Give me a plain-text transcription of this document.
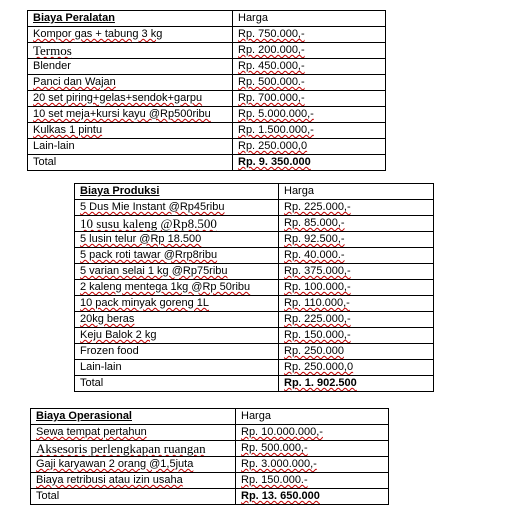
Biaya Peralatan	Harga
Kompor gas + tabung 3 kg	Rp. 750.000,-
Termos	Rp. 200.000,-
Blender	Rp. 450.000,-
Panci dan Wajan	Rp. 500.000.-
20 set piring+gelas+sendok+garpu	Rp. 700.000,-
10 set meja+kursi kayu @Rp500ribu	Rp. 5.000.000,-
Kulkas 1 pintu	Rp. 1.500.000,-
Lain-lain	Rp. 250.000,0
Total	Rp. 9. 350.000
Biaya Produksi	Harga
5 Dus Mie Instant @Rp45ribu	Rp. 225.000,-
10 susu kaleng @Rp8.500	Rp. 85.000,-
5 lusin telur @Rp 18.500	Rp. 92.500,-
5 pack roti tawar @Rrp8ribu	Rp. 40.000.-
5 varian selai 1 kg @Rp75ribu	Rp. 375.000,-
2 kaleng mentega 1kg @Rp 50ribu	Rp. 100.000,-
10 pack minyak goreng 1L	Rp. 110.000,-
20kg beras	Rp. 225.000,-
Keju Balok 2 kg	Rp. 150.000,-
Frozen food	Rp. 250.000
Lain-lain	Rp. 250.000,0
Total	Rp. 1. 902.500
Biaya Operasional	Harga
Sewa tempat pertahun	Rp. 10.000.000,-
Aksesoris perlengkapan ruangan	Rp. 500.000,-
Gaji karyawan 2 orang @1,5juta	Rp. 3.000.000,-
Biaya retribusi atau izin usaha	Rp. 150.000.-
Total	Rp. 13. 650.000
